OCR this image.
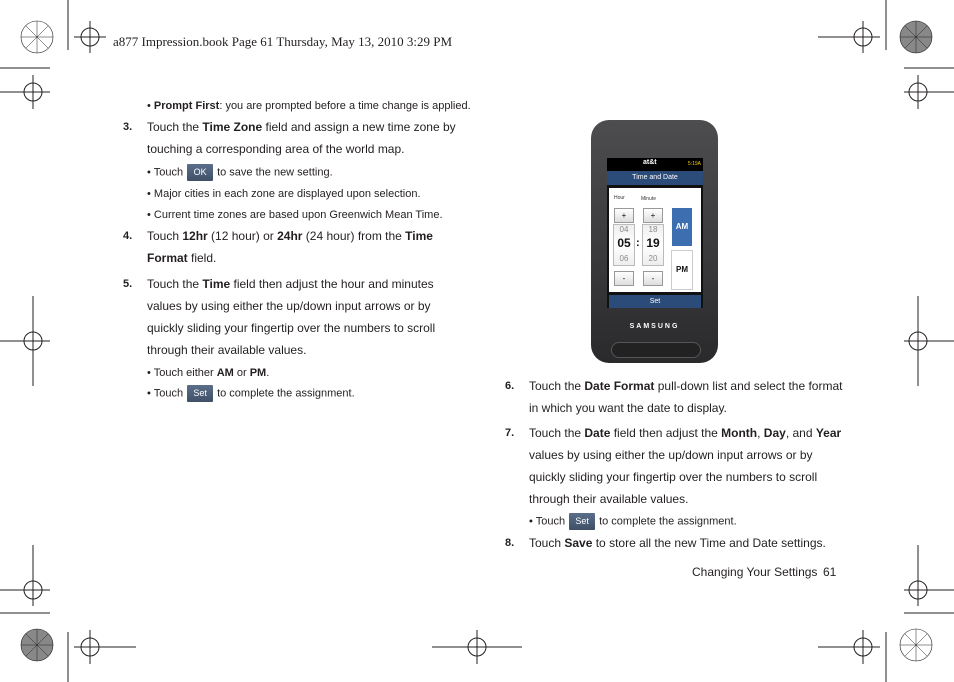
a877 Impression.book Page 61 Thursday, May 13, 2010 3:29 PM
• Prompt First: you are prompted before a time change is applied.
3. Touch the Time Zone field and assign a new time zone by
touching a corresponding area of the world map.
• Touch OK to save the new setting.
• Major cities in each zone are displayed upon selection.
• Current time zones are based upon Greenwich Mean Time.
4. Touch 12hr (12 hour) or 24hr (24 hour) from the Time
Format field.
5. Touch the Time field then adjust the hour and minutes
values by using either the up/down input arrows or by
quickly sliding your fingertip over the numbers to scroll
through their available values.
• Touch either AM or PM.
• Touch Set to complete the assignment.
at&t	5:19A
Time and Date
Hour	Minute
+	+
04
05
06
:
18
19
20
-	-
AM
PM
Set
SAMSUNG
6. Touch the Date Format pull-down list and select the format
in which you want the date to display.
7. Touch the Date field then adjust the Month, Day, and Year
values by using either the up/down input arrows or by
quickly sliding your fingertip over the numbers to scroll
through their available values.
• Touch Set to complete the assignment.
8. Touch Save to store all the new Time and Date settings.
Changing Your Settings 61
